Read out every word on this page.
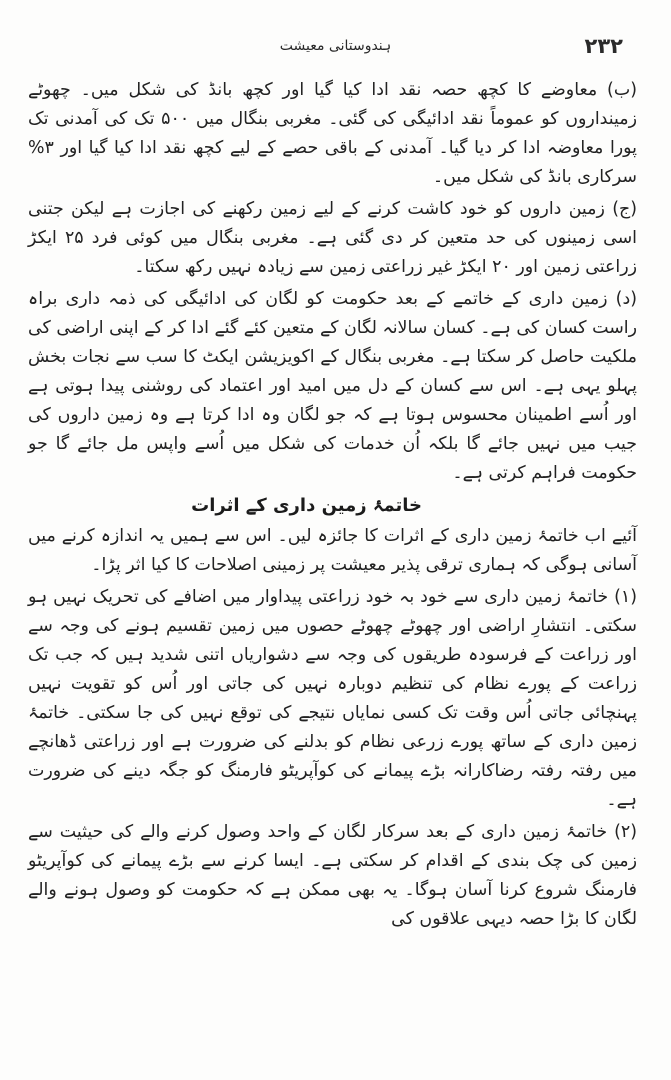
۲۳۲
ہندوستانی معیشت

(ب) معاوضے کا کچھ حصہ نقد ادا کیا گیا اور کچھ بانڈ کی شکل میں۔ چھوٹے زمینداروں کو عموماً نقد ادائیگی کی گئی۔ مغربی بنگال میں ۵۰۰ تک کی آمدنی تک پورا معاوضہ ادا کر دیا گیا۔ آمدنی کے باقی حصے کے لیے کچھ نقد ادا کیا گیا اور ۳% سرکاری بانڈ کی شکل میں۔

(ج) زمین داروں کو خود کاشت کرنے کے لیے زمین رکھنے کی اجازت ہے لیکن جتنی اسی زمینوں کی حد متعین کر دی گئی ہے۔ مغربی بنگال میں کوئی فرد ۲۵ ایکڑ زراعتی زمین اور ۲۰ ایکڑ غیر زراعتی زمین سے زیادہ نہیں رکھ سکتا۔

(د) زمین داری کے خاتمے کے بعد حکومت کو لگان کی ادائیگی کی ذمہ داری براہ راست کسان کی ہے۔ کسان سالانہ لگان کے متعین کئے گئے ادا کر کے اپنی اراضی کی ملکیت حاصل کر سکتا ہے۔ مغربی بنگال کے اکویزیشن ایکٹ کا سب سے نجات بخش پہلو یہی ہے۔ اس سے کسان کے دل میں امید اور اعتماد کی روشنی پیدا ہوتی ہے اور اُسے اطمینان محسوس ہوتا ہے کہ جو لگان وہ ادا کرتا ہے وہ زمین داروں کی جیب میں نہیں جائے گا بلکہ اُن خدمات کی شکل میں اُسے واپس مل جائے گا جو حکومت فراہم کرتی ہے۔

خاتمۂ زمین داری کے اثرات

آئیے اب خاتمۂ زمین داری کے اثرات کا جائزہ لیں۔ اس سے ہمیں یہ اندازہ کرنے میں آسانی ہوگی کہ ہماری ترقی پذیر معیشت پر زمینی اصلاحات کا کیا اثر پڑا۔

(۱) خاتمۂ زمین داری سے خود بہ خود زراعتی پیداوار میں اضافے کی تحریک نہیں ہو سکتی۔ انتشارِ اراضی اور چھوٹے چھوٹے حصوں میں زمین تقسیم ہونے کی وجہ سے اور زراعت کے فرسودہ طریقوں کی وجہ سے دشواریاں اتنی شدید ہیں کہ جب تک زراعت کے پورے نظام کی تنظیم دوبارہ نہیں کی جاتی اور اُس کو تقویت نہیں پہنچائی جاتی اُس وقت تک کسی نمایاں نتیجے کی توقع نہیں کی جا سکتی۔ خاتمۂ زمین داری کے ساتھ پورے زرعی نظام کو بدلنے کی ضرورت ہے اور زراعتی ڈھانچے میں رفتہ رفتہ رضاکارانہ بڑے پیمانے کی کوآپریٹو فارمنگ کو جگہ دینے کی ضرورت ہے۔

(۲) خاتمۂ زمین داری کے بعد سرکار لگان کے واحد وصول کرنے والے کی حیثیت سے زمین کی چک بندی کے اقدام کر سکتی ہے۔ ایسا کرنے سے بڑے پیمانے کی کوآپریٹو فارمنگ شروع کرنا آسان ہوگا۔ یہ بھی ممکن ہے کہ حکومت کو وصول ہونے والے لگان کا بڑا حصہ دیہی علاقوں کی
